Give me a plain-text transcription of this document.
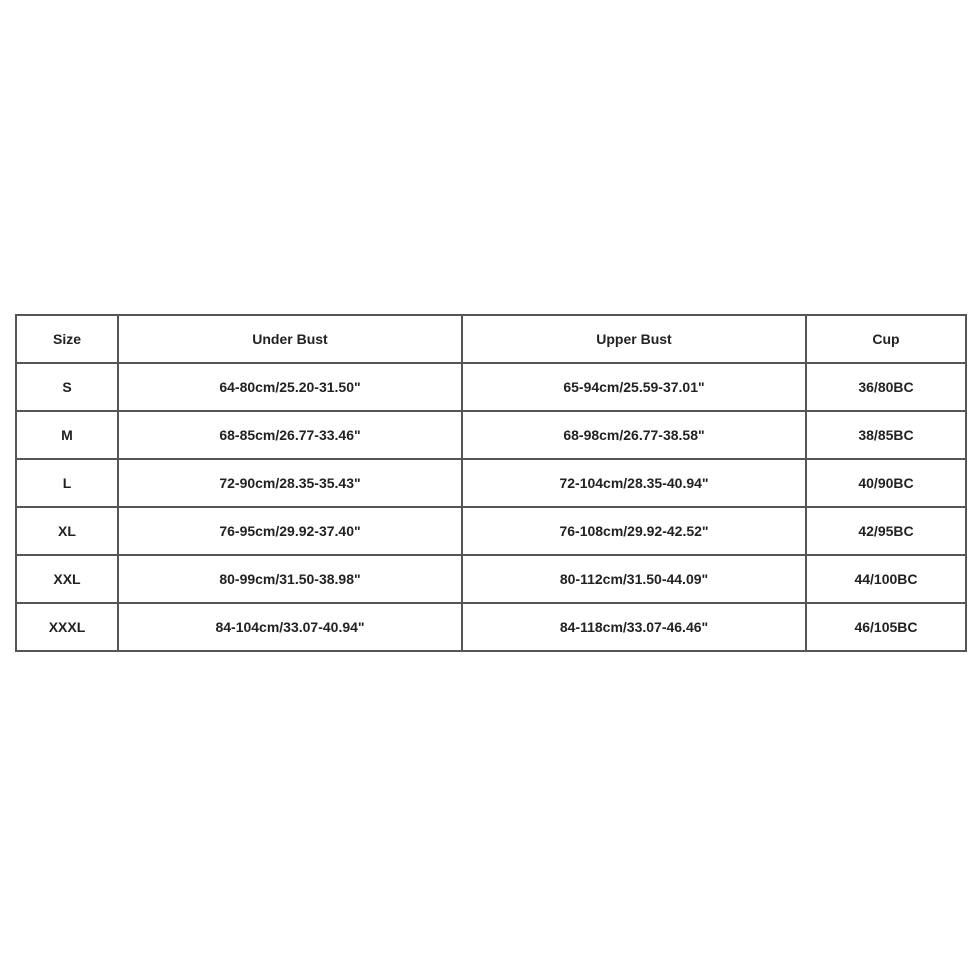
Size	Under Bust	Upper Bust	Cup
S	64-80cm/25.20-31.50"	65-94cm/25.59-37.01"	36/80BC
M	68-85cm/26.77-33.46"	68-98cm/26.77-38.58"	38/85BC
L	72-90cm/28.35-35.43"	72-104cm/28.35-40.94"	40/90BC
XL	76-95cm/29.92-37.40"	76-108cm/29.92-42.52"	42/95BC
XXL	80-99cm/31.50-38.98"	80-112cm/31.50-44.09"	44/100BC
XXXL	84-104cm/33.07-40.94"	84-118cm/33.07-46.46"	46/105BC
